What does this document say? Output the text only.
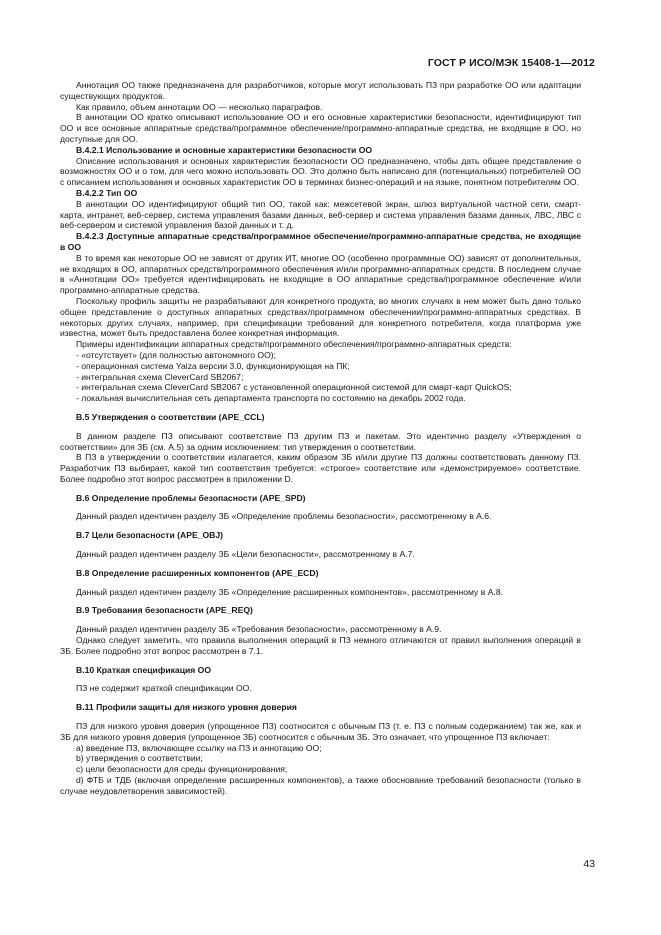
ГОСТ Р ИСО/МЭК 15408-1—2012

Аннотация ОО также предназначена для разработчиков, которые могут использовать ПЗ при разработке ОО или адаптации существующих продуктов.

Как правило, объем аннотации ОО — несколько параграфов.

В аннотации ОО кратко описывают использование ОО и его основные характеристики безопасности, идентифицируют тип ОО и все основные аппаратные средства/программное обеспечение/программно-аппаратные средства, не входящие в ОО, но доступные для ОО.

B.4.2.1 Использование и основные характеристики безопасности ОО

Описание использования и основных характеристик безопасности ОО предназначено, чтобы дать общее представление о возможностях ОО и о том, для чего можно использовать ОО. Это должно быть написано для (потенциальных) потребителей ОО с описанием использования и основных характеристик ОО в терминах бизнес-операций и на языке, понятном потребителям ОО.

B.4.2.2 Тип ОО

В аннотации ОО идентифицируют общий тип ОО, такой как: межсетевой экран, шлюз виртуальной частной сети, смарт-карта, интранет, веб-сервер, система управления базами данных, веб-сервер и система управления базами данных, ЛВС, ЛВС с веб-сервером и системой управления базой данных и т. д.

B.4.2.3 Доступные аппаратные средства/программное обеспечение/программно-аппаратные средства, не входящие в ОО

В то время как некоторые ОО не зависят от других ИТ, многие ОО (особенно программные ОО) зависят от дополнительных, не входящих в ОО, аппаратных средств/программного обеспечения и/или программно-аппаратных средств. В последнем случае в «Аннотации ОО» требуется идентифицировать не входящие в ОО аппаратные средства/программное обеспечение и/или программно-аппаратные средства.

Поскольку профиль защиты не разрабатывают для конкретного продукта, во многих случаях в нем может быть дано только общее представление о доступных аппаратных средствах/программном обеспечении/программно-аппаратных средствах. В некоторых других случаях, например, при спецификации требований для конкретного потребителя, когда платформа уже известна, может быть предоставлена более конкретная информация.

Примеры идентификации аппаратных средств/программного обеспечения/программно-аппаратных средств:

- «отсутствует» (для полностью автономного ОО);

- операционная система Yaiza версии 3.0, функционирующая на ПК;

- интегральная схема CleverCard SB2067;

- интегральная схема CleverCard SB2067 с установленной операционной системой для смарт-карт QuickOS;

- локальная вычислительная сеть департамента транспорта по состоянию на декабрь 2002 года.

B.5 Утверждения о соответствии (APE_CCL)

В данном разделе ПЗ описывают соответствие ПЗ другим ПЗ и пакетам. Это идентично разделу «Утверждения о соответствии» для ЗБ (см. A.5) за одним исключением: тип утверждения о соответствии.

В ПЗ в утверждении о соответствии излагается, каким образом ЗБ и/или другие ПЗ должны соответствовать данному ПЗ. Разработчик ПЗ выбирает, какой тип соответствия требуется: «строгое» соответствие или «демонстрируемое» соответствие. Более подробно этот вопрос рассмотрен в приложении D.

B.6 Определение проблемы безопасности (APE_SPD)

Данный раздел идентичен разделу ЗБ «Определение проблемы безопасности», рассмотренному в A.6.

B.7 Цели безопасности (APE_OBJ)

Данный раздел идентичен разделу ЗБ «Цели безопасности», рассмотренному в A.7.

B.8 Определение расширенных компонентов (APE_ECD)

Данный раздел идентичен разделу ЗБ «Определение расширенных компонентов», рассмотренному в A.8.

B.9 Требования безопасности (APE_REQ)

Данный раздел идентичен разделу ЗБ «Требования безопасности», рассмотренному в A.9.

Однако следует заметить, что правила выполнения операций в ПЗ немного отличаются от правил выполнения операций в ЗБ. Более подробно этот вопрос рассмотрен в 7.1.

B.10 Краткая спецификация ОО

ПЗ не содержит краткой спецификации ОО.

B.11 Профили защиты для низкого уровня доверия

ПЗ для низкого уровня доверия (упрощенное ПЗ) соотносится с обычным ПЗ (т. е. ПЗ с полным содержанием) так же, как и ЗБ для низкого уровня доверия (упрощенное ЗБ) соотносится с обычным ЗБ. Это означает, что упрощенное ПЗ включает:

a) введение ПЗ, включающее ссылку на ПЗ и аннотацию ОО;

b) утверждения о соответствии;

c) цели безопасности для среды функционирования;

d) ФТБ и ТДБ (включая определение расширенных компонентов), а также обоснование требований безопасности (только в случае неудовлетворения зависимостей).

43
